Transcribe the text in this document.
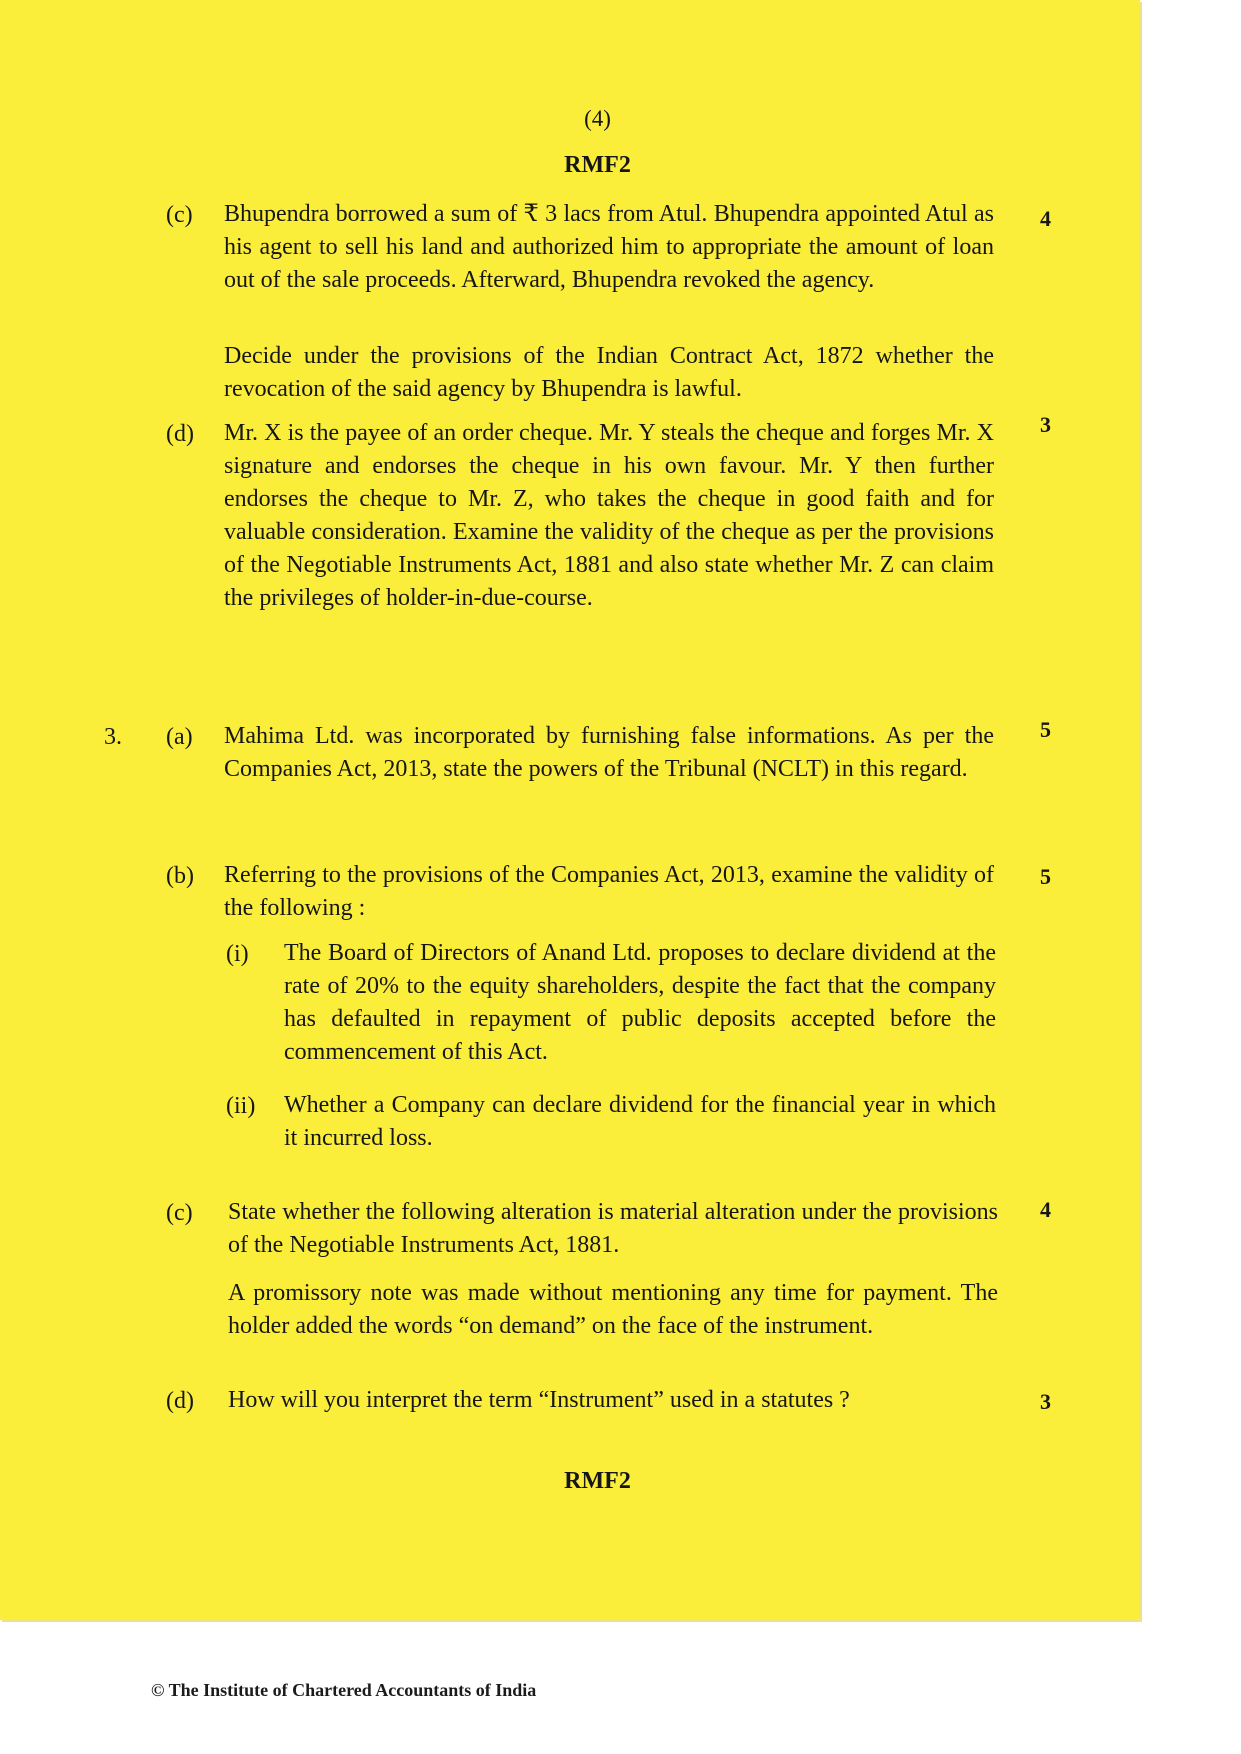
(4)
RMF2
(c) Bhupendra borrowed a sum of ₹ 3 lacs from Atul. Bhupendra appointed Atul as his agent to sell his land and authorized him to appropriate the amount of loan out of the sale proceeds. Afterward, Bhupendra revoked the agency.

Decide under the provisions of the Indian Contract Act, 1872 whether the revocation of the said agency by Bhupendra is lawful.

4
(d) Mr. X is the payee of an order cheque. Mr. Y steals the cheque and forges Mr. X signature and endorses the cheque in his own favour. Mr. Y then further endorses the cheque to Mr. Z, who takes the cheque in good faith and for valuable consideration. Examine the validity of the cheque as per the provisions of the Negotiable Instruments Act, 1881 and also state whether Mr. Z can claim the privileges of holder-in-due-course.

3
3. (a) Mahima Ltd. was incorporated by furnishing false informations. As per the Companies Act, 2013, state the powers of the Tribunal (NCLT) in this regard.

5
(b) Referring to the provisions of the Companies Act, 2013, examine the validity of the following :

5
(i) The Board of Directors of Anand Ltd. proposes to declare dividend at the rate of 20% to the equity shareholders, despite the fact that the company has defaulted in repayment of public deposits accepted before the commencement of this Act.

(ii) Whether a Company can declare dividend for the financial year in which it incurred loss.

(c) State whether the following alteration is material alteration under the provisions of the Negotiable Instruments Act, 1881.

A promissory note was made without mentioning any time for payment. The holder added the words “on demand” on the face of the instrument.

4
(d) How will you interpret the term “Instrument” used in a statutes ?	3
RMF2
© The Institute of Chartered Accountants of India
